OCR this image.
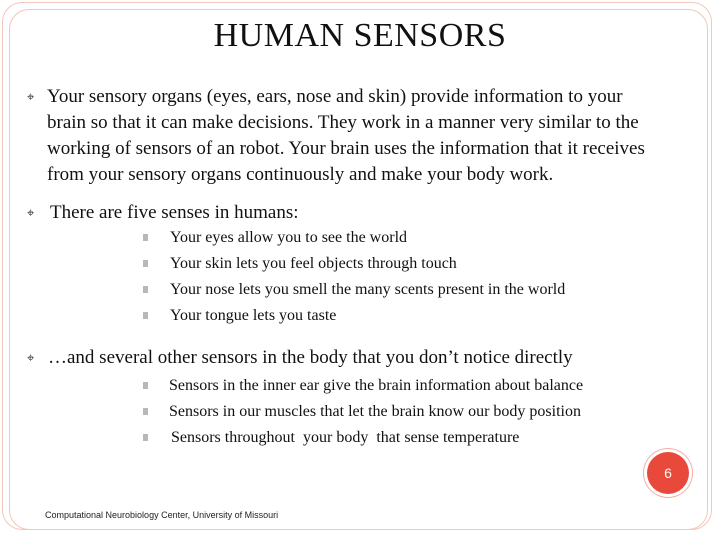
HUMAN SENSORS
⌖ Your sensory organs (eyes, ears, nose and skin) provide information to your
brain so that it can make decisions. They work in a manner very similar to the
working of sensors of an robot. Your brain uses the information that it receives
from your sensory organs continuously and make your body work.
⌖ There are five senses in humans:
Your eyes allow you to see the world
Your skin lets you feel objects through touch
Your nose lets you smell the many scents present in the world
Your tongue lets you taste
⌖ …and several other sensors in the body that you don’t notice directly
Sensors in the inner ear give the brain information about balance
Sensors in our muscles that let the brain know our body position
Sensors throughout  your body  that sense temperature
6
Computational Neurobiology Center, University of Missouri
